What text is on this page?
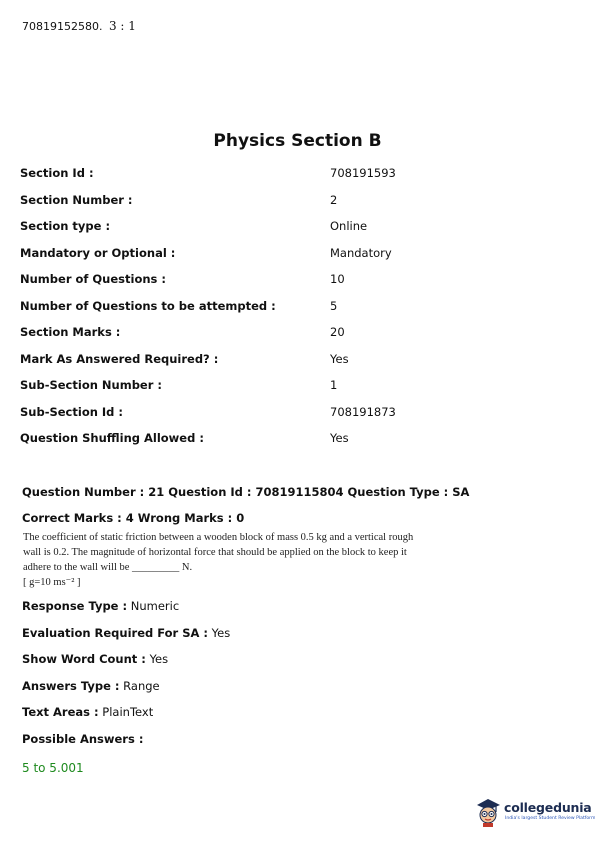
70819152580. 3 : 1
Physics Section B
Section Id :	708191593
Section Number :	2
Section type :	Online
Mandatory or Optional :	Mandatory
Number of Questions :	10
Number of Questions to be attempted :	5
Section Marks :	20
Mark As Answered Required? :	Yes
Sub-Section Number :	1
Sub-Section Id :	708191873
Question Shuffling Allowed :	Yes
Question Number : 21 Question Id : 70819115804 Question Type : SA
Correct Marks : 4 Wrong Marks : 0
The coefficient of static friction between a wooden block of mass 0.5 kg and a vertical rough
wall is 0.2. The magnitude of horizontal force that should be applied on the block to keep it
adhere to the wall will be _________ N.
[ g=10 ms⁻² ]
Response Type : Numeric
Evaluation Required For SA : Yes
Show Word Count : Yes
Answers Type : Range
Text Areas : PlainText
Possible Answers :
5 to 5.001
collegedunia
India's largest Student Review Platform
